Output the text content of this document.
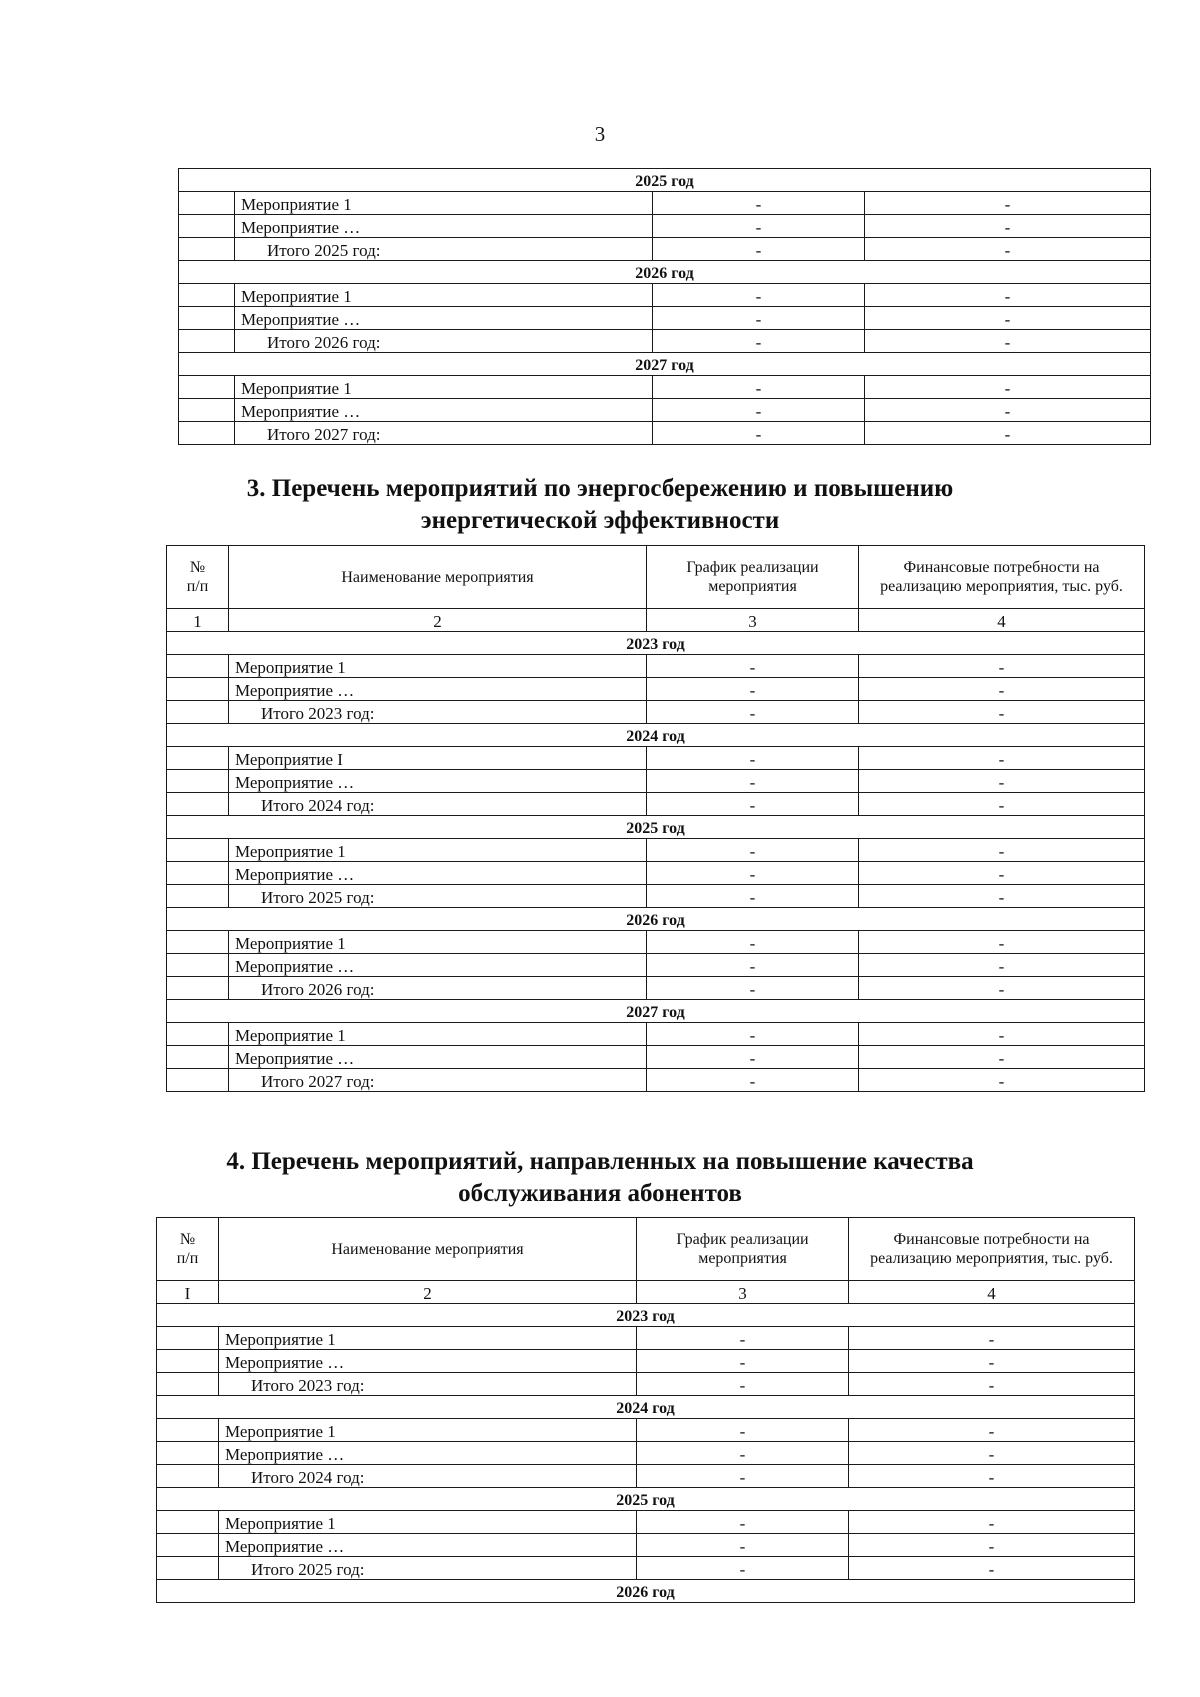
3
2025 год			
	Мероприятие 1	-	-
	Мероприятие …	-	-
	Итого 2025 год:	-	-
2026 год			
	Мероприятие 1	-	-
	Мероприятие …	-	-
	Итого 2026 год:	-	-
2027 год			
	Мероприятие 1	-	-
	Мероприятие …	-	-
	Итого 2027 год:	-	-
3. Перечень мероприятий по энергосбережению и повышению
энергетической эффективности
№
п/п	Наименование мероприятия	График реализации мероприятия	Финансовые потребности на реализацию мероприятия, тыс. руб.
1	2	3	4
2023 год			
	Мероприятие 1	-	-
	Мероприятие …	-	-
	Итого 2023 год:	-	-
2024 год			
	Мероприятие I	-	-
	Мероприятие …	-	-
	Итого 2024 год:	-	-
2025 год			
	Мероприятие 1	-	-
	Мероприятие …	-	-
	Итого 2025 год:	-	-
2026 год			
	Мероприятие 1	-	-
	Мероприятие …	-	-
	Итого 2026 год:	-	-
2027 год			
	Мероприятие 1	-	-
	Мероприятие …	-	-
	Итого 2027 год:	-	-
4. Перечень мероприятий, направленных на повышение качества
обслуживания абонентов
№
п/п	Наименование мероприятия	График реализации мероприятия	Финансовые потребности на реализацию мероприятия, тыс. руб.
I	2	3	4
2023 год			
	Мероприятие 1	-	-
	Мероприятие …	-	-
	Итого 2023 год:	-	-
2024 год			
	Мероприятие 1	-	-
	Мероприятие …	-	-
	Итого 2024 год:	-	-
2025 год			
	Мероприятие 1	-	-
	Мероприятие …	-	-
	Итого 2025 год:	-	-
2026 год			
